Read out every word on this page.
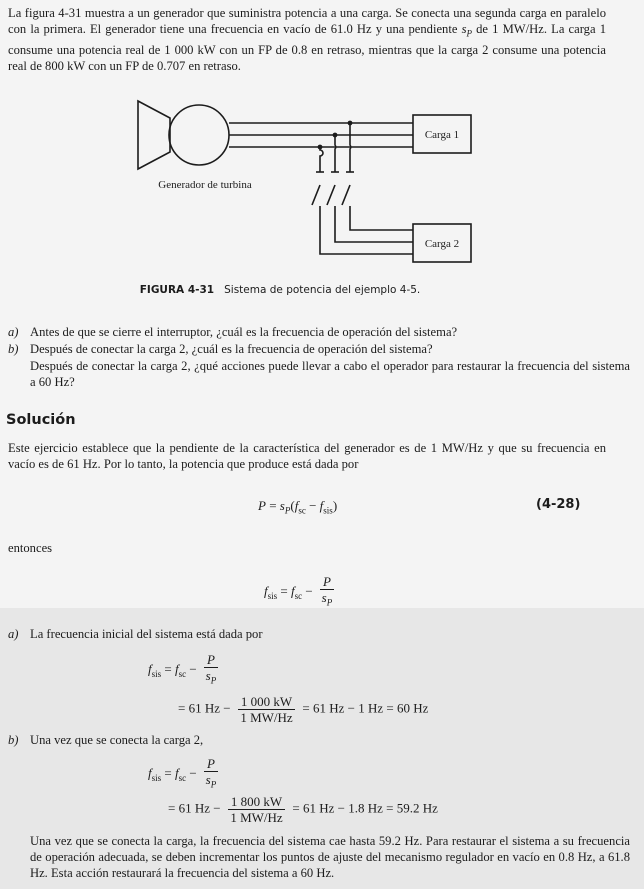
La figura 4-31 muestra a un generador que suministra potencia a una carga. Se conecta una segunda carga en paralelo con la primera. El generador tiene una frecuencia en vacío de 61.0 Hz y una pendiente $s_P$ de 1 MW/Hz. La carga 1 consume una potencia real de 1 000 kW con un FP de 0.8 en retraso, mientras que la carga 2 consume una potencia real de 800 kW con un FP de 0.707 en retraso.

Carga 1
Carga 2
Generador de turbina
FIGURA 4-31 Sistema de potencia del ejemplo 4-5.
a) Antes de que se cierre el interruptor, ¿cuál es la frecuencia de operación del sistema?
b) Después de conectar la carga 2, ¿cuál es la frecuencia de operación del sistema?
Después de conectar la carga 2, ¿qué acciones puede llevar a cabo el operador para restaurar la frecuencia del sistema a 60 Hz?
Solución

Este ejercicio establece que la pendiente de la característica del generador es de 1 MW/Hz y que su frecuencia en vacío es de 61 Hz. Por lo tanto, la potencia que produce está dada por

$P = s_P(f_{sc} - f_{sis})$	(4-28)
entonces
$f_{sis} = f_{sc} - \frac{P}{s_P}$
a) La frecuencia inicial del sistema está dada por
$f_{sis} = f_{sc} - \frac{P}{s_P}$
= 61 $Hz - \frac{1 000 kW}{1 MW/Hz} = 61$ Hz − 1 Hz = 60 Hz
b) Una vez que se conecta la carga 2,
$f_{sis} = f_{sc} - \frac{P}{s_P}$
= 61 $Hz - \frac{1 800 kW}{1 MW/Hz} = 61$ Hz − 1.8 Hz = 59.2 Hz
Una vez que se conecta la carga, la frecuencia del sistema cae hasta 59.2 Hz. Para restaurar el sistema a su frecuencia de operación adecuada, se deben incrementar los puntos de ajuste del mecanismo regulador en vacío en 0.8 Hz, a 61.8 Hz. Esta acción restaurará la frecuencia del sistema a 60 Hz.
